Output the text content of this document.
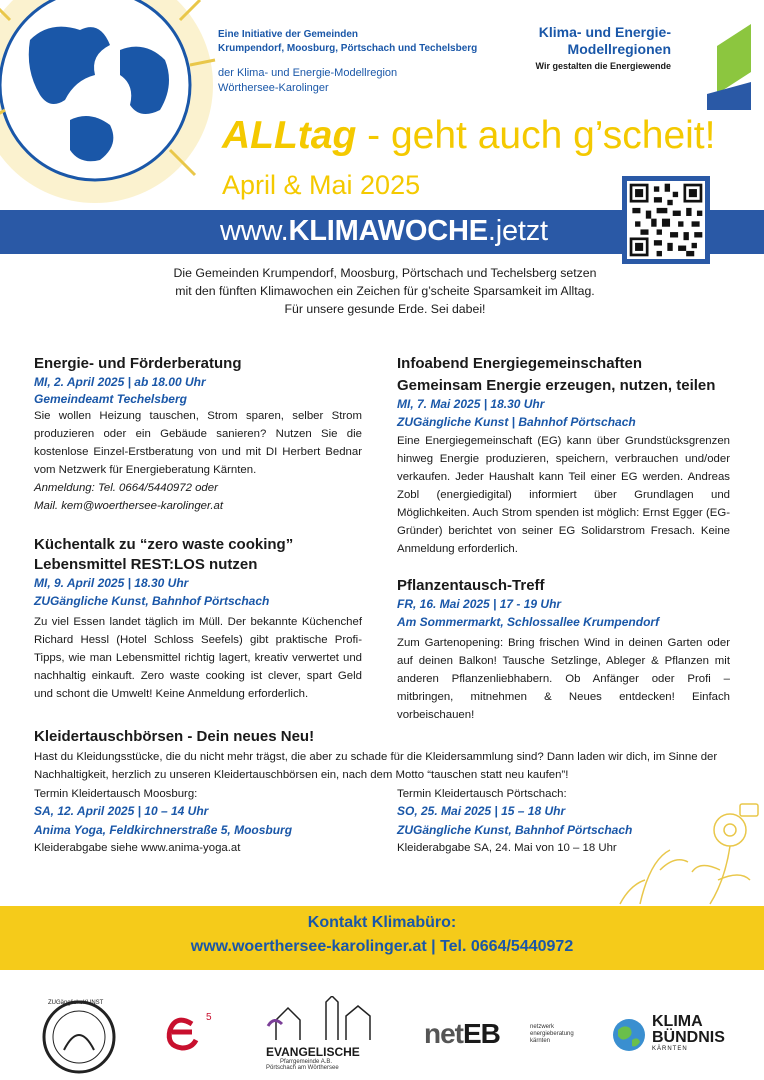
Eine Initiative der Gemeinden
Krumpendorf, Moosburg, Pörtschach und Techelsberg
der Klima- und Energie-Modellregion
Wörthersee-Karolinger
Klima- und Energie-
Modellregionen
Wir gestalten die Energiewende
ALLtag - geht auch g’scheit!
April & Mai 2025
www.KLIMAWOCHE.jetzt
Die Gemeinden Krumpendorf, Moosburg, Pörtschach und Techelsberg setzen
mit den fünften Klimawochen ein Zeichen für g’scheite Sparsamkeit im Alltag.
Für unsere gesunde Erde. Sei dabei!
Energie- und Förderberatung
MI, 2. April 2025 | ab 18.00 Uhr
Gemeindeamt Techelsberg
Sie wollen Heizung tauschen, Strom sparen, selber Strom produzieren oder ein Gebäude sanieren? Nutzen Sie die kostenlose Einzel-Erstberatung von und mit DI Herbert Bednar vom Netzwerk für Energieberatung Kärnten.
Anmeldung: Tel. 0664/5440972 oder
Mail. kem@woerthersee-karolinger.at
Küchentalk zu “zero waste cooking”
Lebensmittel REST:LOS nutzen
MI, 9. April 2025 | 18.30 Uhr
ZUGängliche Kunst, Bahnhof Pörtschach
Zu viel Essen landet täglich im Müll. Der bekannte Küchenchef Richard Hessl (Hotel Schloss Seefels) gibt praktische Profi-Tipps, wie man Lebensmittel richtig lagert, kreativ verwertet und nachhaltig einkauft. Zero waste cooking ist clever, spart Geld und schont die Umwelt! Keine Anmeldung erforderlich.
Infoabend Energiegemeinschaften
Gemeinsam Energie erzeugen, nutzen, teilen
MI, 7. Mai 2025 | 18.30 Uhr
ZUGängliche Kunst | Bahnhof Pörtschach
Eine Energiegemeinschaft (EG) kann über Grundstücksgrenzen hinweg Energie produzieren, speichern, verbrauchen und/oder verkaufen. Jeder Haushalt kann Teil einer EG werden. Andreas Zobl (energiedigital) informiert über Grundlagen und Möglichkeiten. Auch Strom spenden ist möglich: Ernst Egger (EG-Gründer) berichtet von seiner EG Solidarstrom Fresach. Keine Anmeldung erforderlich.
Pflanzentausch-Treff
FR, 16. Mai 2025 | 17 - 19 Uhr
Am Sommermarkt, Schlossallee Krumpendorf
Zum Gartenopening: Bring frischen Wind in deinen Garten oder auf deinen Balkon! Tausche Setzlinge, Ableger & Pflanzen mit anderen Pflanzenliebhabern. Ob Anfänger oder Profi – mitbringen, mitnehmen & Neues entdecken! Einfach vorbeischauen!
Kleidertauschbörsen - Dein neues Neu!
Hast du Kleidungsstücke, die du nicht mehr trägst, die aber zu schade für die Kleidersammlung sind? Dann laden wir dich, im Sinne der Nachhaltigkeit, herzlich zu unseren Kleidertauschbörsen ein, nach dem Motto “tauschen statt neu kaufen”!
Termin Kleidertausch Moosburg:
SA, 12. April 2025 | 10 – 14 Uhr
Anima Yoga, Feldkirchnerstraße 5, Moosburg
Kleiderabgabe siehe www.anima-yoga.at
Termin Kleidertausch Pörtschach:
SO, 25. Mai 2025 | 15 – 18 Uhr
ZUGängliche Kunst, Bahnhof Pörtschach
Kleiderabgabe SA, 24. Mai von 10 – 18 Uhr
Kontakt Klimabüro:
www.woerthersee-karolinger.at | Tel. 0664/5440972
ZUGänglicheKUNST
5
EVANGELISCHE
Pfarrgemeinde A.B.
Pörtschach am Wörthersee
netEB	netzwerk
energieberatung
kärnten
KLIMA
BÜNDNIS
KÄRNTEN
